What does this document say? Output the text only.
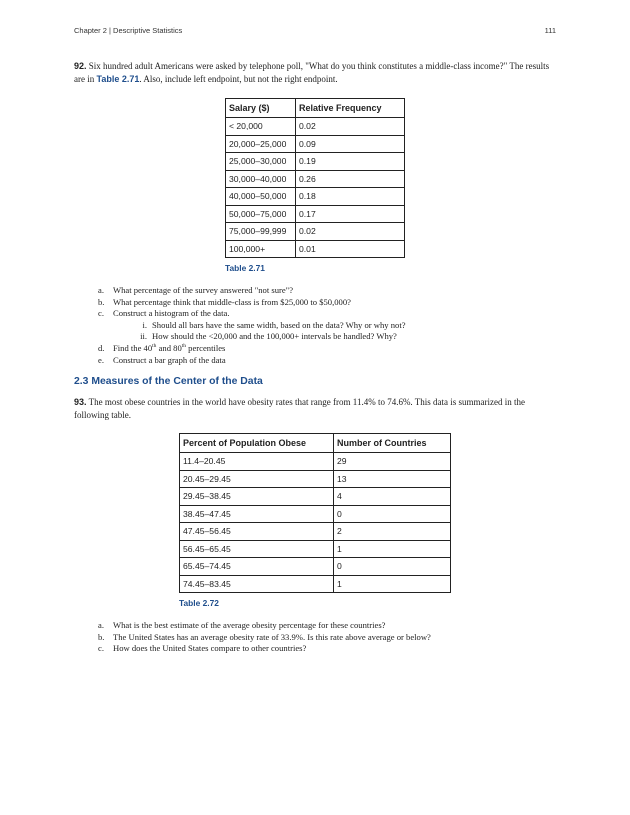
Chapter 2 | Descriptive Statistics	111
92. Six hundred adult Americans were asked by telephone poll, "What do you think constitutes a middle-class income?" The results are in Table 2.71. Also, include left endpoint, but not the right endpoint.
Salary ($)	Relative Frequency
< 20,000	0.02
20,000–25,000	0.09
25,000–30,000	0.19
30,000–40,000	0.26
40,000–50,000	0.18
50,000–75,000	0.17
75,000–99,999	0.02
100,000+	0.01
Table 2.71
a. What percentage of the survey answered "not sure"?
b. What percentage think that middle-class is from $25,000 to $50,000?
c. Construct a histogram of the data.
i. Should all bars have the same width, based on the data? Why or why not?
ii. How should the <20,000 and the 100,000+ intervals be handled? Why?
d. Find the 40th and 80th percentiles
e. Construct a bar graph of the data
2.3 Measures of the Center of the Data
93. The most obese countries in the world have obesity rates that range from 11.4% to 74.6%. This data is summarized in the following table.
Percent of Population Obese	Number of Countries
11.4–20.45	29
20.45–29.45	13
29.45–38.45	4
38.45–47.45	0
47.45–56.45	2
56.45–65.45	1
65.45–74.45	0
74.45–83.45	1
Table 2.72
a. What is the best estimate of the average obesity percentage for these countries?
b. The United States has an average obesity rate of 33.9%. Is this rate above average or below?
c. How does the United States compare to other countries?
